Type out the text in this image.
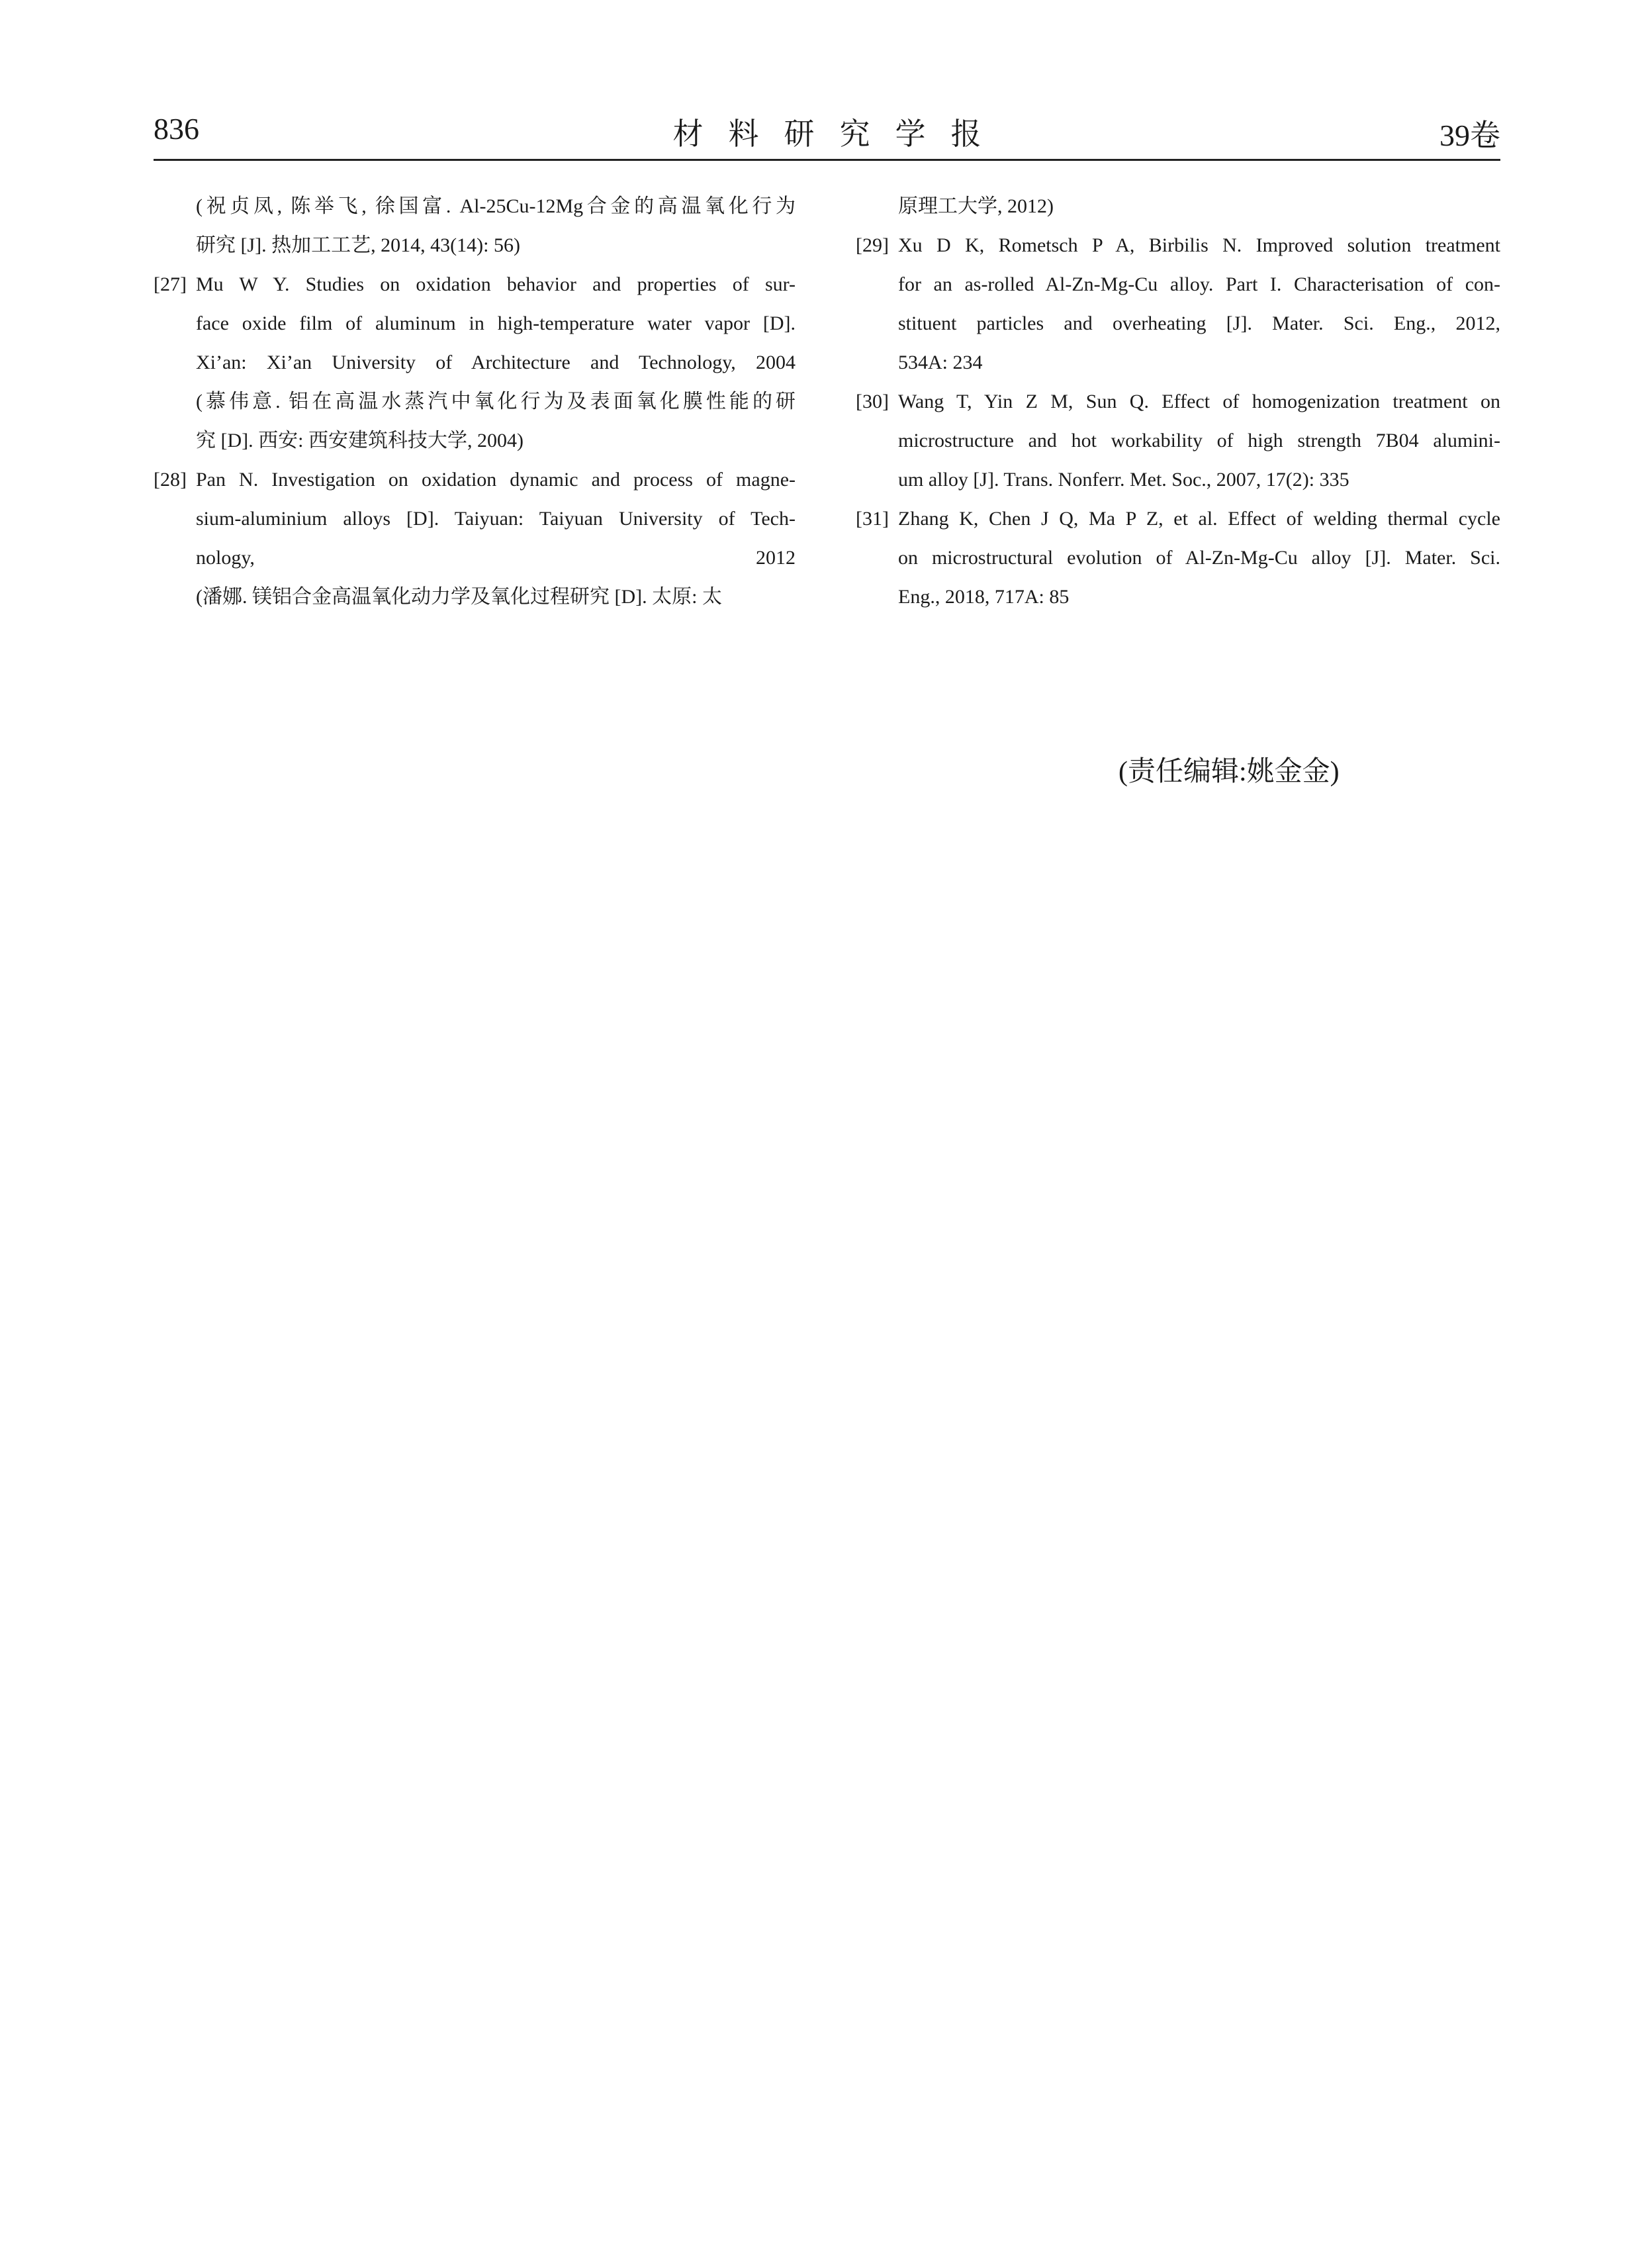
836	材料研究学报	39卷
(祝贞凤, 陈举飞, 徐国富. Al-25Cu-12Mg合金的高温氧化行为
研究 [J]. 热加工工艺, 2014, 43(14): 56)
[27] Mu W Y. Studies on oxidation behavior and properties of sur-
face oxide film of aluminum in high-temperature water vapor [D].
Xi’an: Xi’an University of Architecture and Technology, 2004
(慕伟意. 铝在高温水蒸汽中氧化行为及表面氧化膜性能的研
究 [D]. 西安: 西安建筑科技大学, 2004)
[28] Pan N. Investigation on oxidation dynamic and process of magne-
sium-aluminium alloys [D]. Taiyuan: Taiyuan University of Tech-
nology, 2012
(潘娜. 镁铝合金高温氧化动力学及氧化过程研究 [D]. 太原: 太
原理工大学, 2012)
[29] Xu D K, Rometsch P A, Birbilis N. Improved solution treatment
for an as-rolled Al-Zn-Mg-Cu alloy. Part I. Characterisation of con-
stituent particles and overheating [J]. Mater. Sci. Eng., 2012,
534A: 234
[30] Wang T, Yin Z M, Sun Q. Effect of homogenization treatment on
microstructure and hot workability of high strength 7B04 alumini-
um alloy [J]. Trans. Nonferr. Met. Soc., 2007, 17(2): 335
[31] Zhang K, Chen J Q, Ma P Z, et al. Effect of welding thermal cycle
on microstructural evolution of Al-Zn-Mg-Cu alloy [J]. Mater. Sci.
Eng., 2018, 717A: 85
(责任编辑:姚金金)
